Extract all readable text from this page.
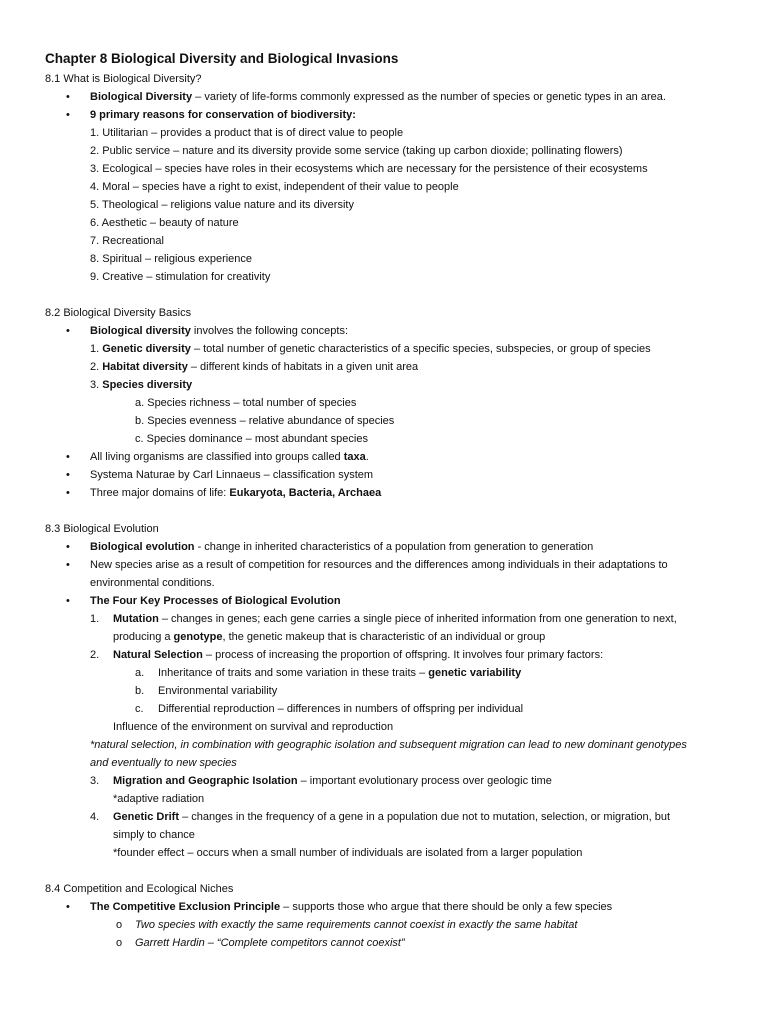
Chapter 8 Biological Diversity and Biological Invasions
8.1 What is Biological Diversity?
• Biological Diversity – variety of life-forms commonly expressed as the number of species or genetic types in an area.
• 9 primary reasons for conservation of biodiversity:
1. Utilitarian – provides a product that is of direct value to people
2. Public service – nature and its diversity provide some service (taking up carbon dioxide; pollinating flowers)
3. Ecological – species have roles in their ecosystems which are necessary for the persistence of their ecosystems
4. Moral – species have a right to exist, independent of their value to people
5. Theological – religions value nature and its diversity
6. Aesthetic – beauty of nature
7. Recreational
8. Spiritual – religious experience
9. Creative – stimulation for creativity
8.2 Biological Diversity Basics
• Biological diversity involves the following concepts:
1. Genetic diversity – total number of genetic characteristics of a specific species, subspecies, or group of species
2. Habitat diversity – different kinds of habitats in a given unit area
3. Species diversity
a. Species richness – total number of species
b. Species evenness – relative abundance of species
c. Species dominance – most abundant species
• All living organisms are classified into groups called taxa.
• Systema Naturae by Carl Linnaeus – classification system
• Three major domains of life: Eukaryota, Bacteria, Archaea
8.3 Biological Evolution
• Biological evolution - change in inherited characteristics of a population from generation to generation
• New species arise as a result of competition for resources and the differences among individuals in their adaptations to
environmental conditions.
• The Four Key Processes of Biological Evolution
1. Mutation – changes in genes; each gene carries a single piece of inherited information from one generation to next,
producing a genotype, the genetic makeup that is characteristic of an individual or group
2. Natural Selection – process of increasing the proportion of offspring. It involves four primary factors:
a. Inheritance of traits and some variation in these traits – genetic variability
b. Environmental variability
c. Differential reproduction – differences in numbers of offspring per individual
Influence of the environment on survival and reproduction
*natural selection, in combination with geographic isolation and subsequent migration can lead to new dominant genotypes
and eventually to new species
3. Migration and Geographic Isolation – important evolutionary process over geologic time
*adaptive radiation
4. Genetic Drift – changes in the frequency of a gene in a population due not to mutation, selection, or migration, but
simply to chance
*founder effect – occurs when a small number of individuals are isolated from a larger population
8.4 Competition and Ecological Niches
• The Competitive Exclusion Principle – supports those who argue that there should be only a few species
o Two species with exactly the same requirements cannot coexist in exactly the same habitat
o Garrett Hardin – “Complete competitors cannot coexist”
